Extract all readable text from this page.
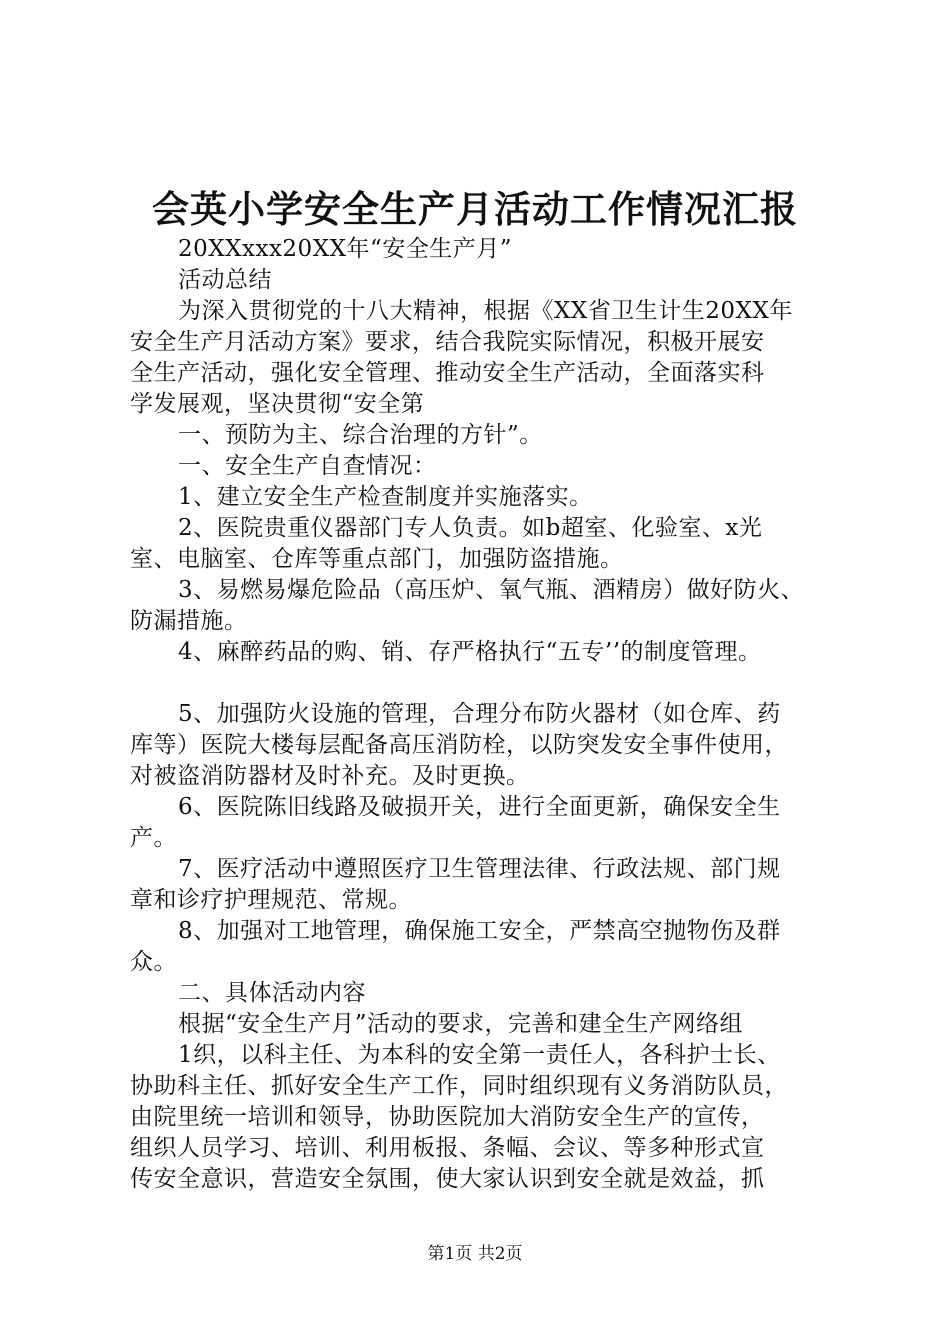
会英小学安全生产月活动工作情况汇报

20XXxxx20XX年“安全生产月”

活动总结

为深入贯彻党的十八大精神，根据《XX省卫生计生20XX年

安全生产月活动方案》要求，结合我院实际情况，积极开展安

全生产活动，强化安全管理、推动安全生产活动，全面落实科

学发展观，坚决贯彻“安全第

一、预防为主、综合治理的方针”。

一、安全生产自查情况：

1、建立安全生产检查制度并实施落实。

2、医院贵重仪器部门专人负责。如b超室、化验室、x光

室、电脑室、仓库等重点部门，加强防盗措施。

3、易燃易爆危险品（高压炉、氧气瓶、酒精房）做好防火、

防漏措施。

4、麻醉药品的购、销、存严格执行“五专’’的制度管理。

5、加强防火设施的管理，合理分布防火器材（如仓库、药

库等）医院大楼每层配备高压消防栓，以防突发安全事件使用，

对被盗消防器材及时补充。及时更换。

6、医院陈旧线路及破损开关，进行全面更新，确保安全生

产。

7、医疗活动中遵照医疗卫生管理法律、行政法规、部门规

章和诊疗护理规范、常规。

8、加强对工地管理，确保施工安全，严禁高空抛物伤及群

众。

二、具体活动内容

根据“安全生产月”活动的要求，完善和建全生产网络组

1织，以科主任、为本科的安全第一责任人，各科护士长、

协助科主任、抓好安全生产工作，同时组织现有义务消防队员，

由院里统一培训和领导，协助医院加大消防安全生产的宣传，

组织人员学习、培训、利用板报、条幅、会议、等多种形式宣

传安全意识，营造安全氛围，使大家认识到安全就是效益，抓

第1页 共2页
